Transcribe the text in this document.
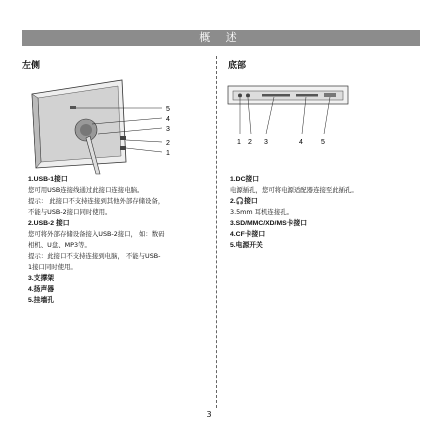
概 述
左侧	底部
5
4
3
2
1
1 2 3	4	5

1.USB-1接口

您可用USB连接线通过此接口连接电脑。

提示： 此接口不支持连接到其他外部存储设备，

不能与USB-2接口同时使用。

2.USB-2 接口

您可将外部存储设备接入USB-2接口， 如：数码

相机、U盘、MP3等。

提示：此接口不支持连接到电脑， 不能与USB-

1接口同时使用。

3.支撑架

4.扬声器

5.挂墙孔

1.DC接口

电源插孔，您可将电源适配器连接至此插孔。

2.🎧接口

3.5mm 耳机连接孔。

3.SD/MMC/XD/MS卡接口

4.CF卡接口

5.电源开关

3
